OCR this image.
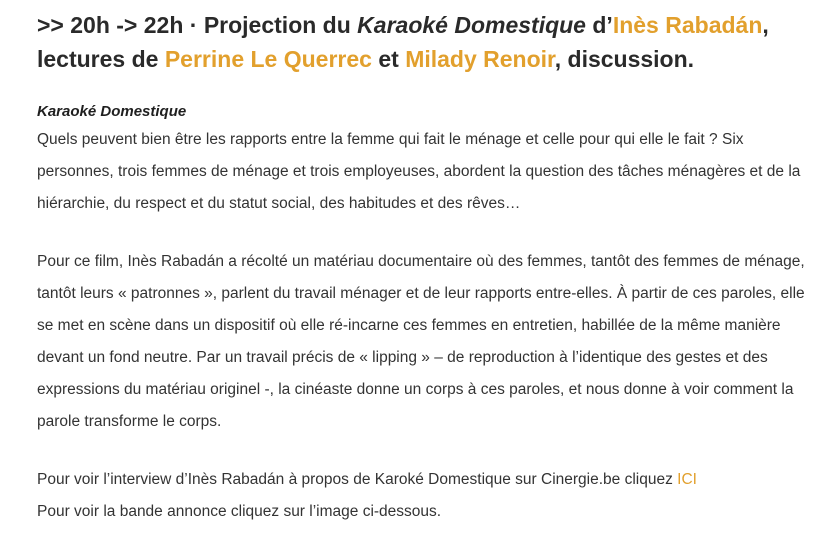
>> 20h -> 22h · Projection du Karaoké Domestique d’Inès Rabadán,
lectures de Perrine Le Querrec et Milady Renoir, discussion.
Karaoké Domestique

Quels peuvent bien être les rapports entre la femme qui fait le ménage et celle pour qui elle le fait ? Six personnes, trois femmes de ménage et trois employeuses, abordent la question des tâches ménagères et de la hiérarchie, du respect et du statut social, des habitudes et des rêves…

Pour ce film, Inès Rabadán a récolté un matériau documentaire où des femmes, tantôt des femmes de ménage, tantôt leurs « patronnes », parlent du travail ménager et de leur rapports entre-elles. À partir de ces paroles, elle se met en scène dans un dispositif où elle ré-incarne ces femmes en entretien, habillée de la même manière devant un fond neutre. Par un travail précis de « lipping » – de reproduction à l’identique des gestes et des expressions du matériau originel -, la cinéaste donne un corps à ces paroles, et nous donne à voir comment la parole transforme le corps.

Pour voir l’interview d’Inès Rabadán à propos de Karoké Domestique sur Cinergie.be cliquez ICI

Pour voir la bande annonce cliquez sur l’image ci-dessous.
